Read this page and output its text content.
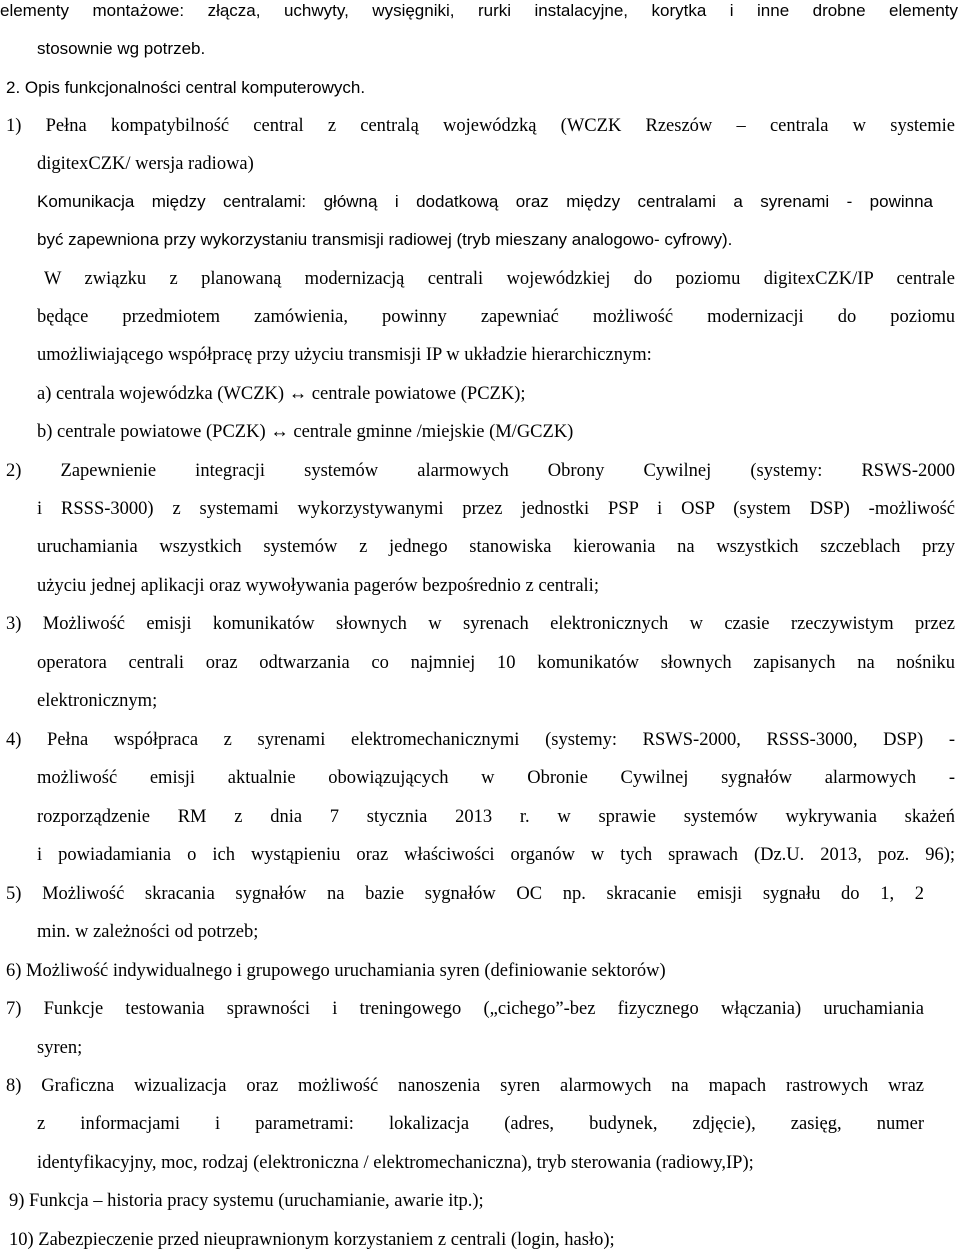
elementy montażowe: złącza, uchwyty, wysięgniki, rurki instalacyjne, korytka i inne drobne elementy
stosownie wg potrzeb.
2. Opis funkcjonalności central komputerowych.
1) Pełna kompatybilność central z centralą wojewódzką (WCZK Rzeszów – centrala w systemie
digitexCZK/ wersja radiowa)
Komunikacja między centralami: główną i dodatkową oraz między centralami a syrenami - powinna
być zapewniona przy wykorzystaniu transmisji radiowej (tryb mieszany analogowo- cyfrowy).
W związku z planowaną modernizacją centrali wojewódzkiej do poziomu digitexCZK/IP centrale
będące przedmiotem zamówienia, powinny zapewniać możliwość modernizacji do poziomu
umożliwiającego współpracę przy użyciu transmisji IP w układzie hierarchicznym:
a) centrala wojewódzka (WCZK) ↔ centrale powiatowe (PCZK);
b) centrale powiatowe (PCZK) ↔ centrale gminne /miejskie (M/GCZK)
2) Zapewnienie integracji systemów alarmowych Obrony Cywilnej (systemy: RSWS-2000
i RSSS-3000) z systemami wykorzystywanymi przez jednostki PSP i OSP (system DSP) -możliwość
uruchamiania wszystkich systemów z jednego stanowiska kierowania na wszystkich szczeblach przy
użyciu jednej aplikacji oraz wywoływania pagerów bezpośrednio z centrali;
3) Możliwość emisji komunikatów słownych w syrenach elektronicznych w czasie rzeczywistym przez
operatora centrali oraz odtwarzania co najmniej 10 komunikatów słownych zapisanych na nośniku
elektronicznym;
4) Pełna współpraca z syrenami elektromechanicznymi (systemy: RSWS-2000, RSSS-3000, DSP) -
możliwość emisji aktualnie obowiązujących w Obronie Cywilnej sygnałów alarmowych -
rozporządzenie RM z dnia 7 stycznia 2013 r. w sprawie systemów wykrywania skażeń
i powiadamiania o ich wystąpieniu oraz właściwości organów w tych sprawach (Dz.U. 2013, poz. 96);
5) Możliwość skracania sygnałów na bazie sygnałów OC np. skracanie emisji sygnału do 1, 2
min. w zależności od potrzeb;
6) Możliwość indywidualnego i grupowego uruchamiania syren (definiowanie sektorów)
7) Funkcje testowania sprawności i treningowego („cichego”-bez fizycznego włączania) uruchamiania
syren;
8) Graficzna wizualizacja oraz możliwość nanoszenia syren alarmowych na mapach rastrowych wraz
z informacjami i parametrami: lokalizacja (adres, budynek, zdjęcie), zasięg, numer
identyfikacyjny, moc, rodzaj (elektroniczna / elektromechaniczna), tryb sterowania (radiowy,IP);
9) Funkcja – historia pracy systemu (uruchamianie, awarie itp.);
10) Zabezpieczenie przed nieuprawnionym korzystaniem z centrali (login, hasło);
